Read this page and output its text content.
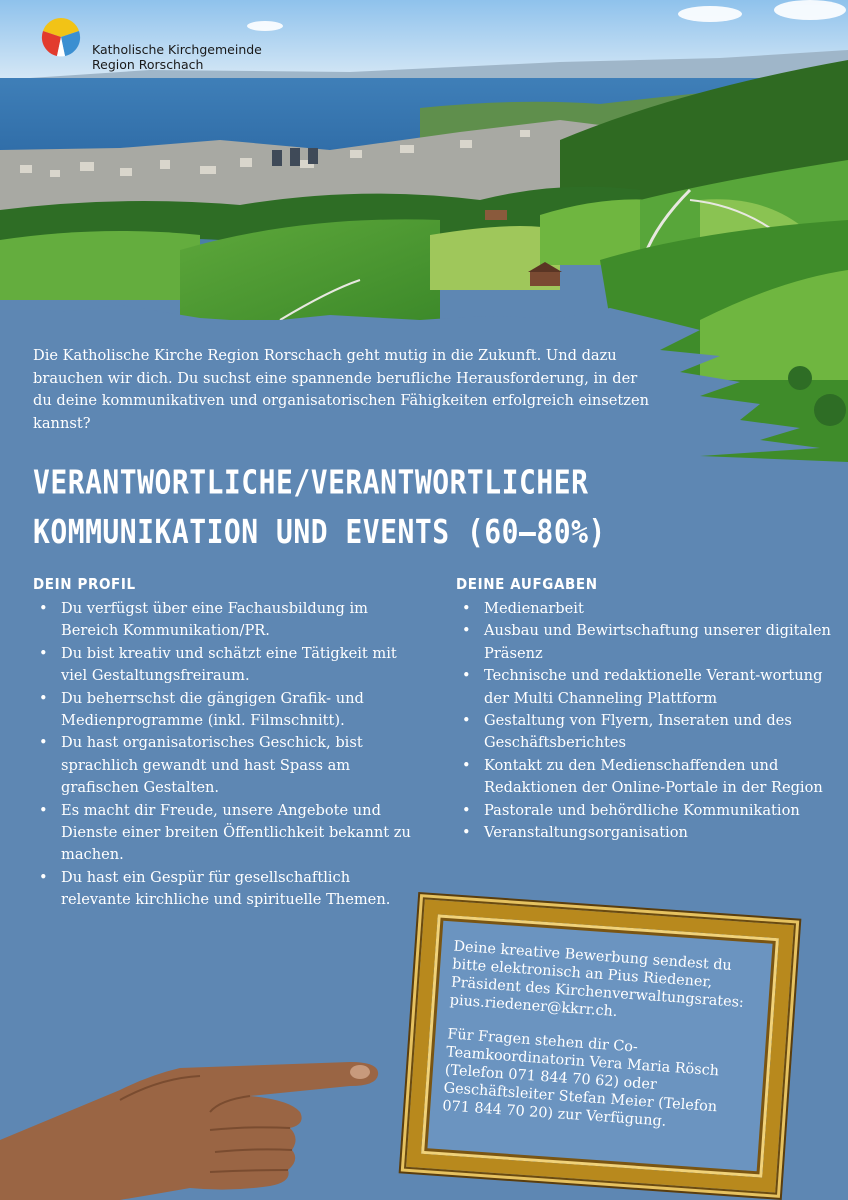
Katholische Kirchgemeinde
Region Rorschach
Die Katholische Kirche Region Rorschach geht mutig in die Zukunft. Und dazu brauchen wir dich. Du suchst eine spannende berufliche Herausforderung, in der du deine kommunikativen und organisatorischen Fähigkeiten erfolgreich einsetzen kannst?
VERANTWORTLICHE/VERANTWORTLICHER
KOMMUNIKATION UND EVENTS (60–80%)
DEIN PROFIL
• Du verfügst über eine Fachausbildung im Bereich Kommunikation/PR.
• Du bist kreativ und schätzt eine Tätigkeit mit viel Gestaltungsfreiraum.
• Du beherrschst die gängigen Grafik- und Medienprogramme (inkl. Filmschnitt).
• Du hast organisatorisches Geschick, bist sprachlich gewandt und hast Spass am grafischen Gestalten.
• Es macht dir Freude, unsere Angebote und Dienste einer breiten Öffentlichkeit bekannt zu machen.
• Du hast ein Gespür für gesellschaftlich relevante kirchliche und spirituelle Themen.
DEINE AUFGABEN
• Medienarbeit
• Ausbau und Bewirtschaftung unserer digitalen Präsenz
• Technische und redaktionelle Verant-wortung der Multi Channeling Plattform
• Gestaltung von Flyern, Inseraten und des Geschäftsberichtes
• Kontakt zu den Medienschaffenden und Redaktionen der Online-Portale in der Region
• Pastorale und behördliche Kommunikation
• Veranstaltungsorganisation

Deine kreative Bewerbung sendest du bitte elektronisch an Pius Riedener, Präsident des Kirchenverwaltungsrates: pius.riedener@kkrr.ch.

Für Fragen stehen dir Co-Teamkoordinatorin Vera Maria Rösch (Telefon 071 844 70 62) oder Geschäftsleiter Stefan Meier (Telefon 071 844 70 20) zur Verfügung.
